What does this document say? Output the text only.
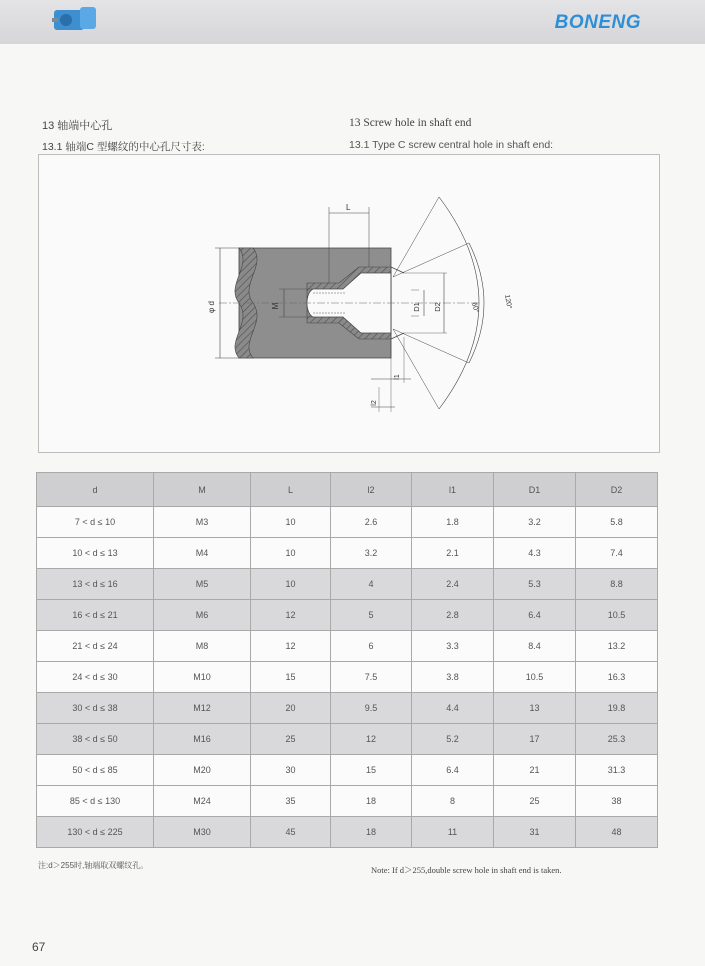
BONENG
13 轴端中心孔
13.1 轴端C 型螺纹的中心孔尺寸表:
13 Screw hole in shaft end
13.1 Type C screw central hole in shaft end:
φ d	M
L
D1 D2	60°	120°
l1
l2
d	M	L	l2	l1	D1	D2
7 < d ≤ 10	M3	10	2.6	1.8	3.2	5.8
10 < d ≤ 13	M4	10	3.2	2.1	4.3	7.4
13 < d ≤ 16	M5	10	4	2.4	5.3	8.8
16 < d ≤ 21	M6	12	5	2.8	6.4	10.5
21 < d ≤ 24	M8	12	6	3.3	8.4	13.2
24 < d ≤ 30	M10	15	7.5	3.8	10.5	16.3
30 < d ≤ 38	M12	20	9.5	4.4	13	19.8
38 < d ≤ 50	M16	25	12	5.2	17	25.3
50 < d ≤ 85	M20	30	15	6.4	21	31.3
85 < d ≤ 130	M24	35	18	8	25	38
130 < d ≤ 225	M30	45	18	11	31	48
注:d＞255时,轴端取双螺纹孔。	Note: If d＞255,double screw hole in shaft end is taken.
67
